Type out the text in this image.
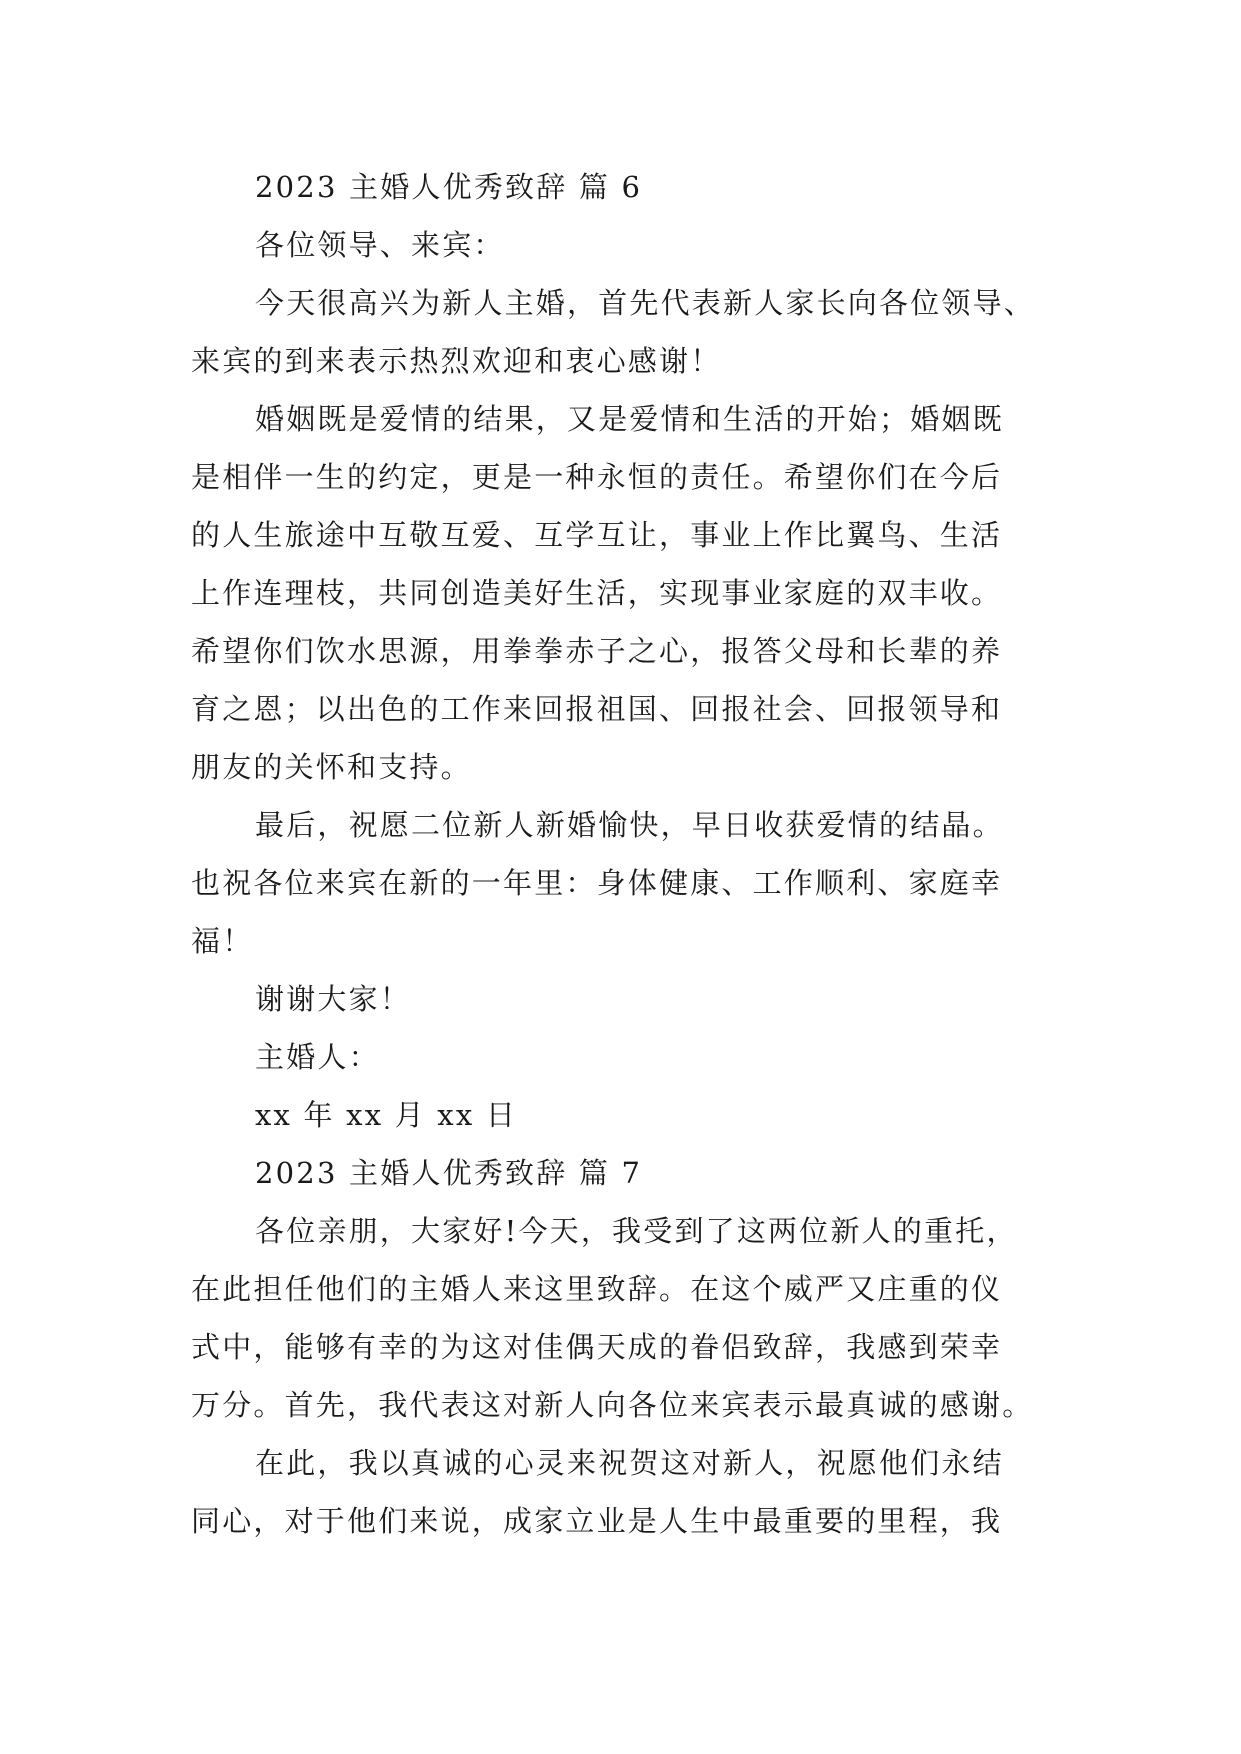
2023 主婚人优秀致辞 篇 6
各位领导、来宾：
今天很高兴为新人主婚，首先代表新人家长向各位领导、
来宾的到来表示热烈欢迎和衷心感谢！
婚姻既是爱情的结果，又是爱情和生活的开始；婚姻既
是相伴一生的约定，更是一种永恒的责任。希望你们在今后
的人生旅途中互敬互爱、互学互让，事业上作比翼鸟、生活
上作连理枝，共同创造美好生活，实现事业家庭的双丰收。
希望你们饮水思源，用拳拳赤子之心，报答父母和长辈的养
育之恩；以出色的工作来回报祖国、回报社会、回报领导和
朋友的关怀和支持。
最后，祝愿二位新人新婚愉快，早日收获爱情的结晶。
也祝各位来宾在新的一年里：身体健康、工作顺利、家庭幸
福！
谢谢大家！
主婚人：
xx 年 xx 月 xx 日
2023 主婚人优秀致辞 篇 7
各位亲朋，大家好!今天，我受到了这两位新人的重托，
在此担任他们的主婚人来这里致辞。在这个威严又庄重的仪
式中，能够有幸的为这对佳偶天成的眷侣致辞，我感到荣幸
万分。首先，我代表这对新人向各位来宾表示最真诚的感谢。
在此，我以真诚的心灵来祝贺这对新人，祝愿他们永结
同心，对于他们来说，成家立业是人生中最重要的里程，我
